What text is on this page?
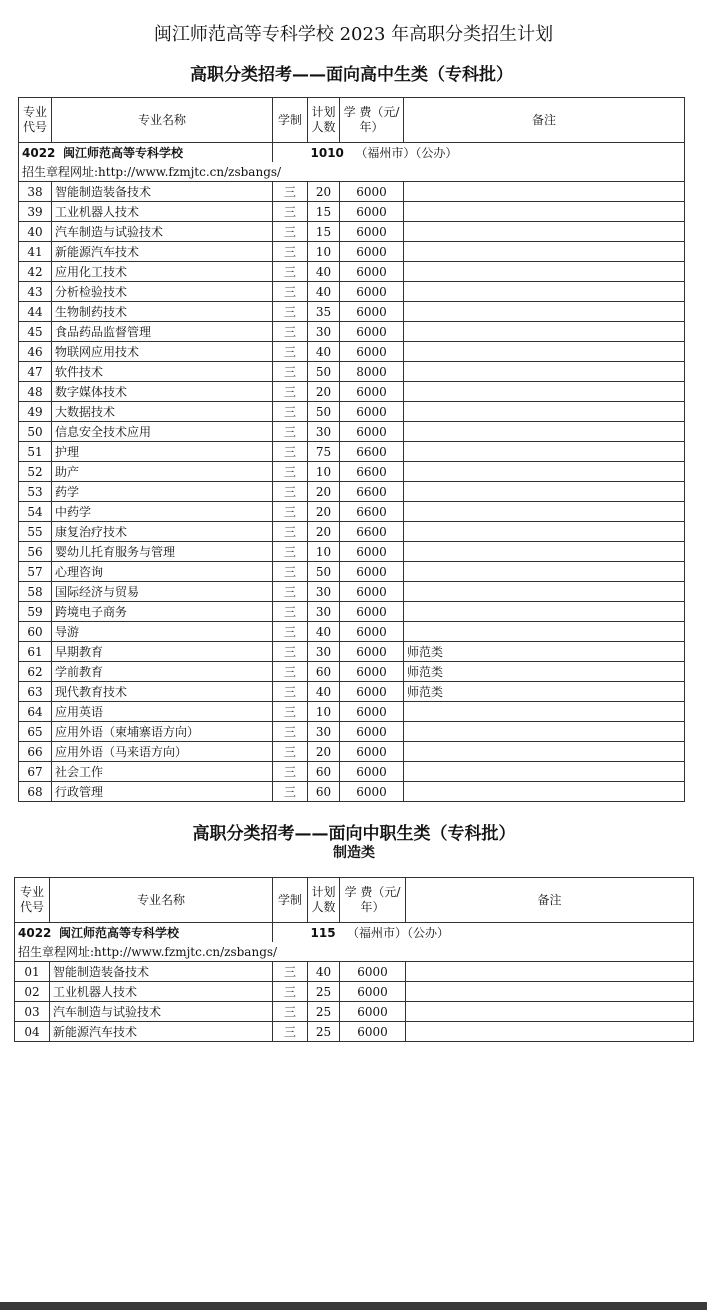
闽江师范高等专科学校 2023 年高职分类招生计划
高职分类招考——面向高中生类（专科批）
专业代号	专业名称	学制	计划人数	学 费（元/年）	备注
4022 闽江师范高等专科学校			1010 （福州市）（公办）		
招生章程网址:http://www.fzmjtc.cn/zsbangs/					
38	智能制造装备技术	三	20	6000	
39	工业机器人技术	三	15	6000	
40	汽车制造与试验技术	三	15	6000	
41	新能源汽车技术	三	10	6000	
42	应用化工技术	三	40	6000	
43	分析检验技术	三	40	6000	
44	生物制药技术	三	35	6000	
45	食品药品监督管理	三	30	6000	
46	物联网应用技术	三	40	6000	
47	软件技术	三	50	8000	
48	数字媒体技术	三	20	6000	
49	大数据技术	三	50	6000	
50	信息安全技术应用	三	30	6000	
51	护理	三	75	6600	
52	助产	三	10	6600	
53	药学	三	20	6600	
54	中药学	三	20	6600	
55	康复治疗技术	三	20	6600	
56	婴幼儿托育服务与管理	三	10	6000	
57	心理咨询	三	50	6000	
58	国际经济与贸易	三	30	6000	
59	跨境电子商务	三	30	6000	
60	导游	三	40	6000	
61	早期教育	三	30	6000	师范类
62	学前教育	三	60	6000	师范类
63	现代教育技术	三	40	6000	师范类
64	应用英语	三	10	6000	
65	应用外语（柬埔寨语方向）	三	30	6000	
66	应用外语（马来语方向）	三	20	6000	
67	社会工作	三	60	6000	
68	行政管理	三	60	6000	
高职分类招考——面向中职生类（专科批）
制造类
专业代号	专业名称	学制	计划人数	学 费（元/年）	备注
4022 闽江师范高等专科学校			115 （福州市）（公办）		
招生章程网址:http://www.fzmjtc.cn/zsbangs/					
01	智能制造装备技术	三	40	6000	
02	工业机器人技术	三	25	6000	
03	汽车制造与试验技术	三	25	6000	
04	新能源汽车技术	三	25	6000	
